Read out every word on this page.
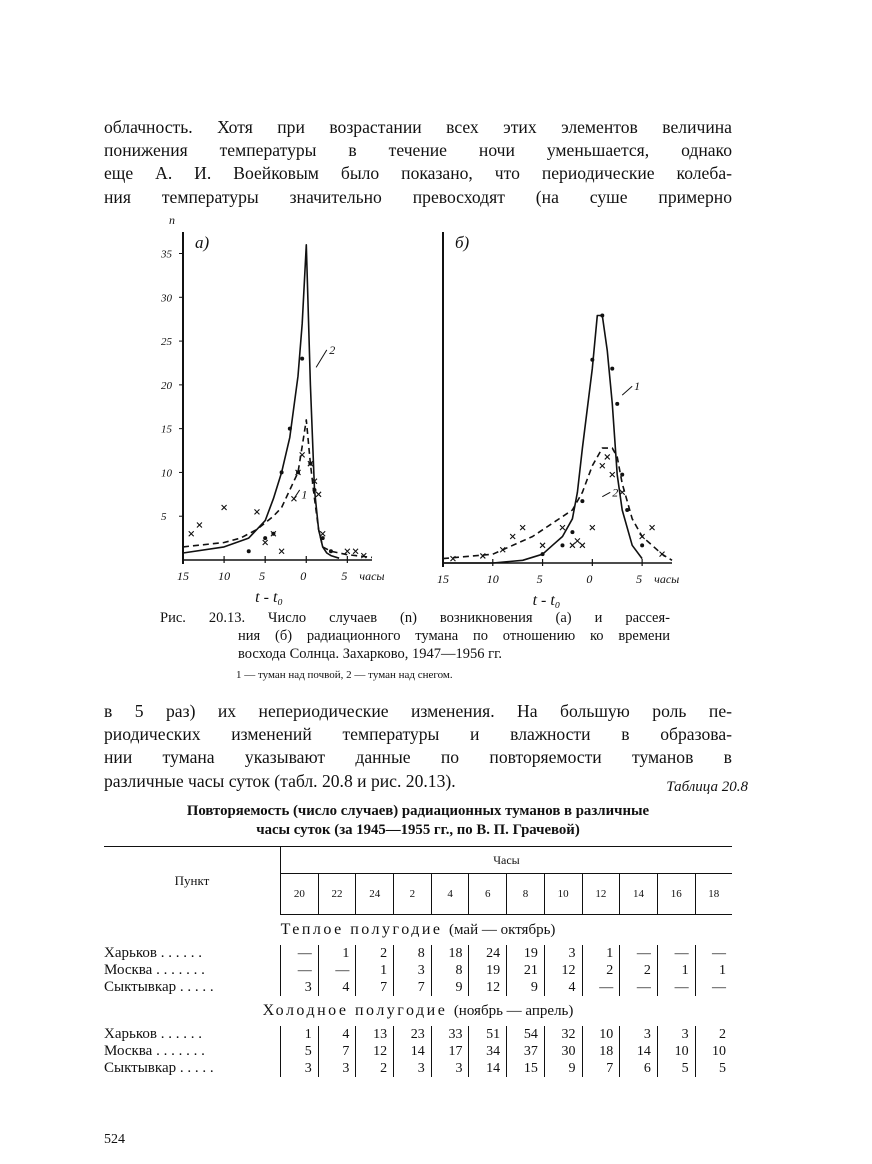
облачность. Хотя при возрастании всех этих элементов величина
понижения температуры в течение ночи уменьшается, однако
еще А. И. Воейковым было показано, что периодические колеба-
ния температуры значительно превосходят (на суше примерно
15 10 5	0	5 часы
t - t₀
5
10
15
20
25
30
35
n
а)
2
1
15	10	5	0	5 часы
t - t₀
б)
1
2
Рис. 20.13. Число случаев (n) возникновения (а) и рассея-
ния (б) радиационного тумана по отношению ко времени
восхода Солнца. Захарково, 1947—1956 гг.
1 — туман над почвой, 2 — туман над снегом.
в 5 раз) их непериодические изменения. На большую роль пе-
риодических изменений температуры и влажности в образова-
нии тумана указывают данные по повторяемости туманов в
различные часы суток (табл. 20.8 и рис. 20.13).	Таблица 20.8
Повторяемость (число случаев) радиационных туманов в различные
часы суток (за 1945—1955 гг., по В. П. Грачевой)
Пункт	Часы											
	20	22	24	2	4	6	8	10	12	14	16	18
Теплое полугодие (май — октябрь)												
Харьков . . . . . .	—	1	2	8	18	24	19	3	1	—	—	—
Москва . . . . . . .	—	—	1	3	8	19	21	12	2	2	1	1
Сыктывкар . . . . .	3	4	7	7	9	12	9	4	—	—	—	—
Холодное полугодие (ноябрь — апрель)												
Харьков . . . . . .	1	4	13	23	33	51	54	32	10	3	3	2
Москва . . . . . . .	5	7	12	14	17	34	37	30	18	14	10	10
Сыктывкар . . . . .	3	3	2	3	3	14	15	9	7	6	5	5
524
